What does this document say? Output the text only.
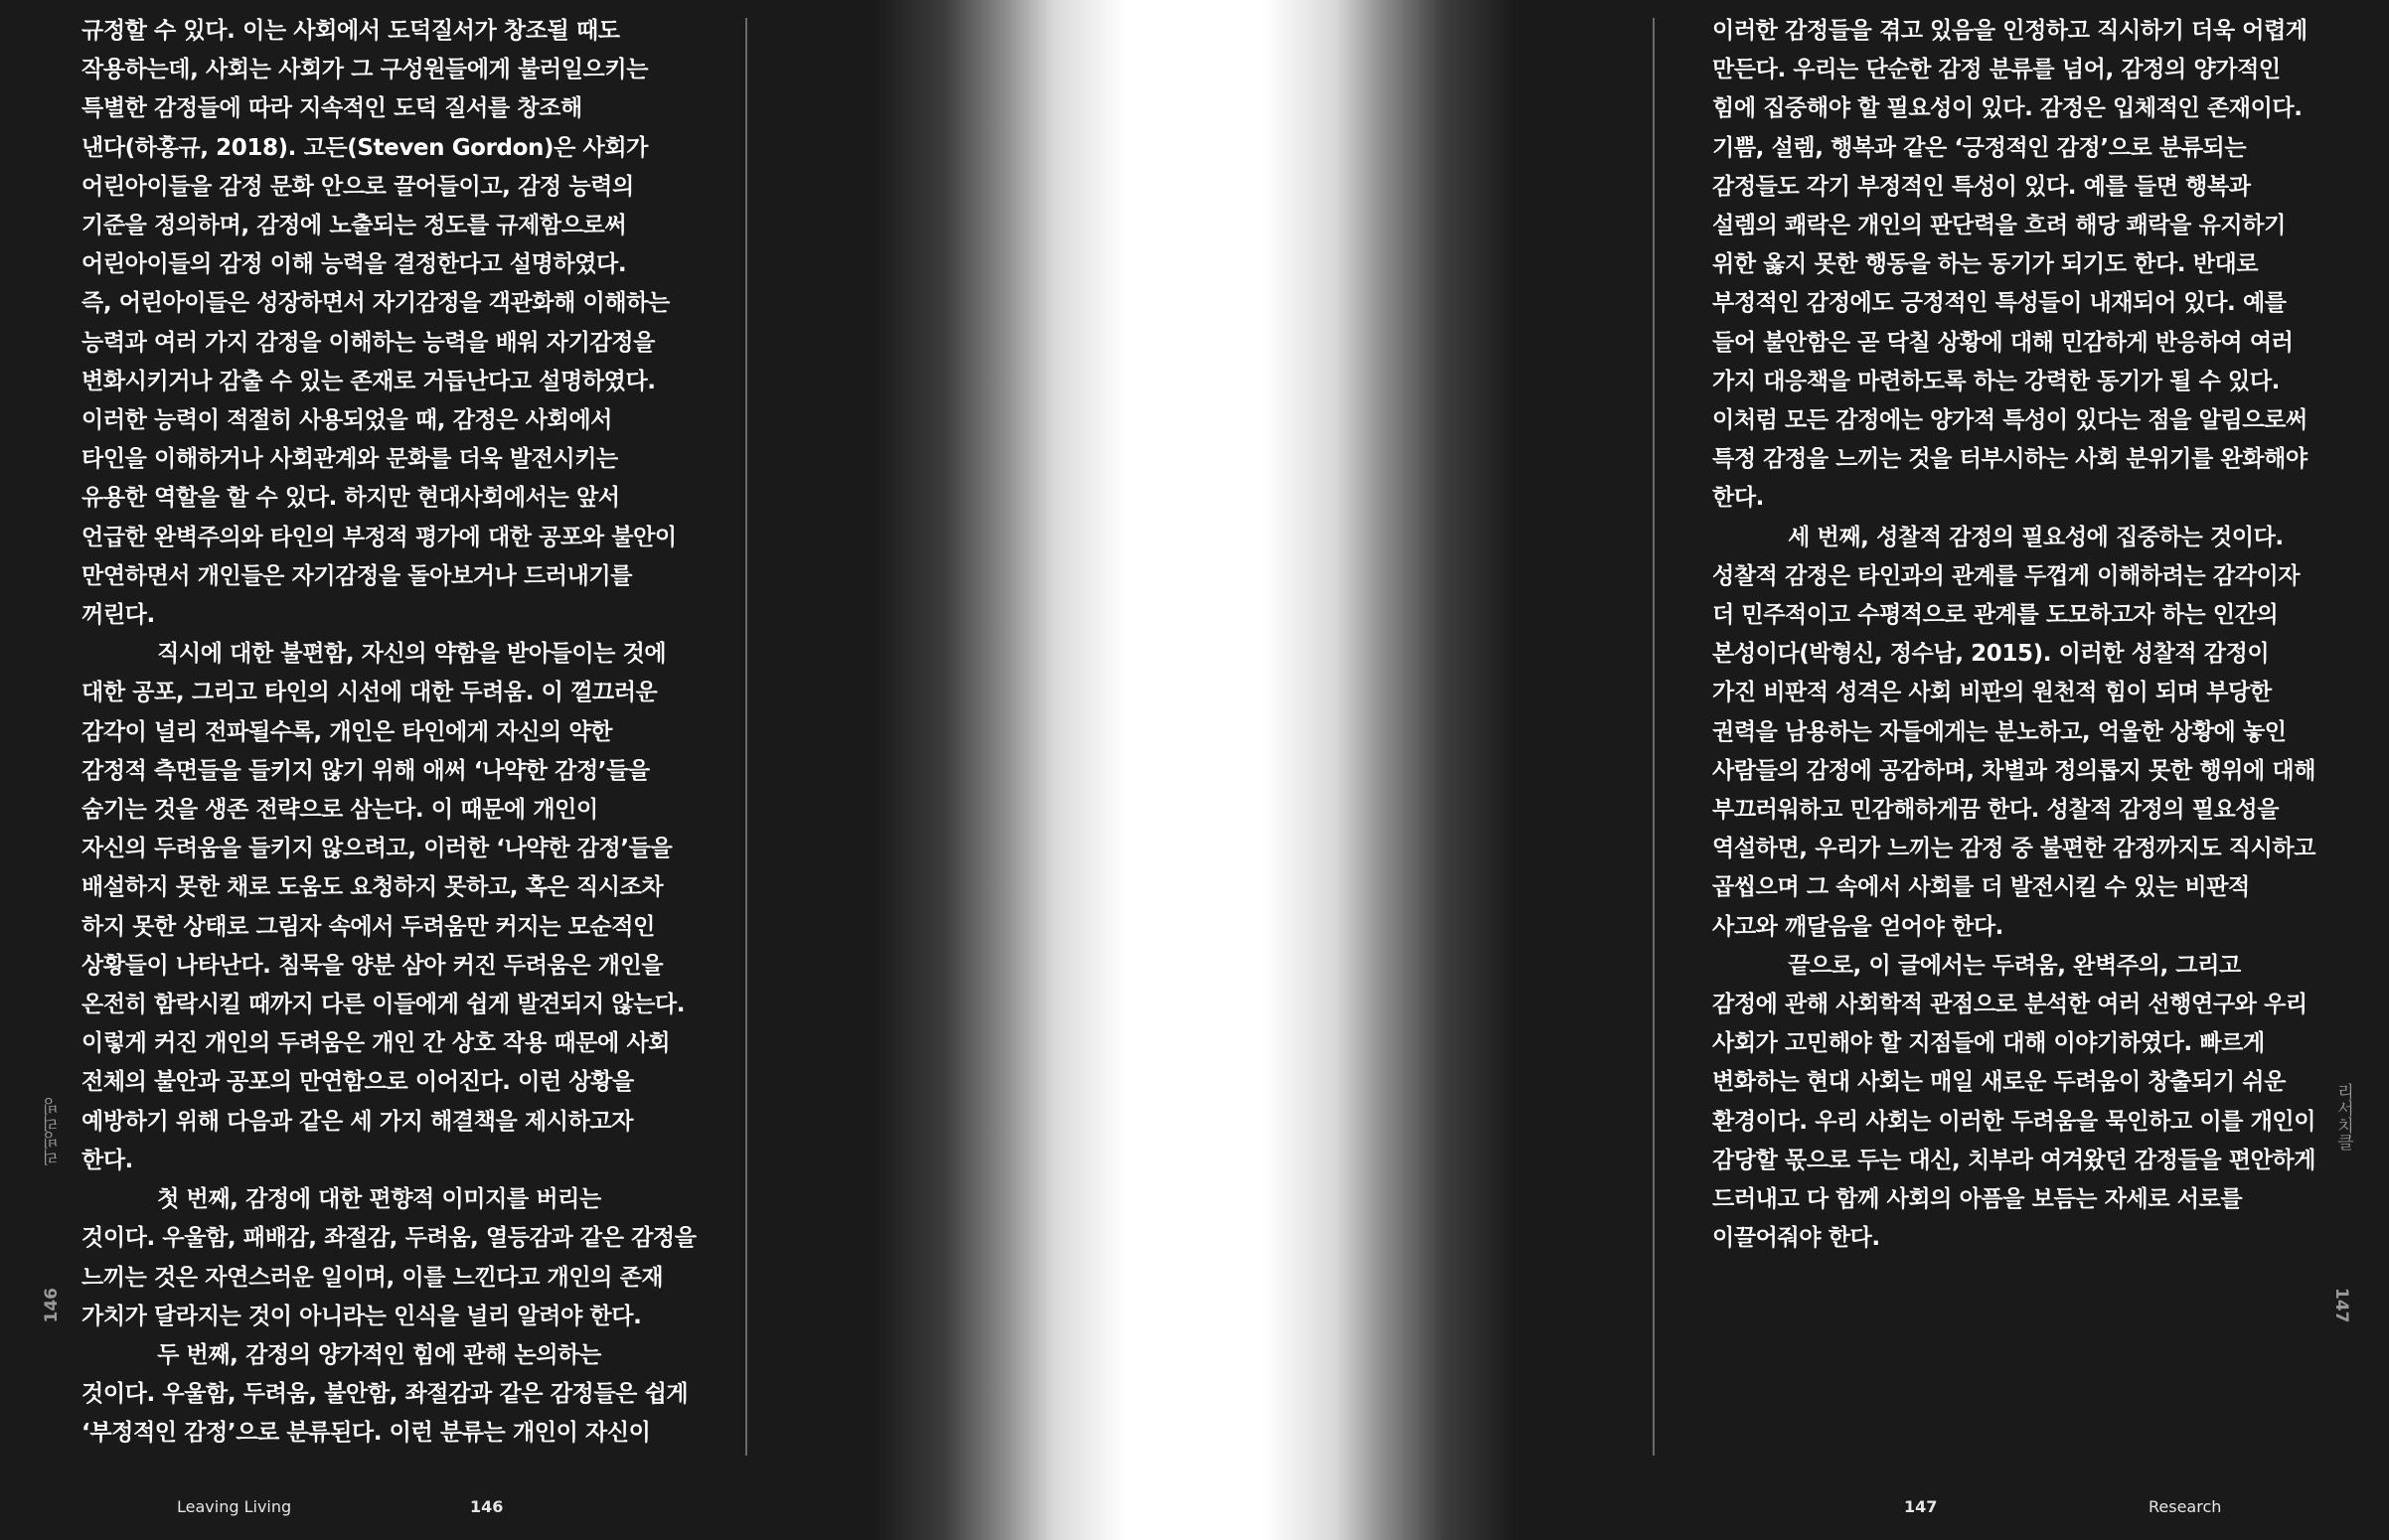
규정할 수 있다. 이는 사회에서 도덕질서가 창조될 때도
작용하는데, 사회는 사회가 그 구성원들에게 불러일으키는
특별한 감정들에 따라 지속적인 도덕 질서를 창조해
낸다(하홍규, 2018). 고든(Steven Gordon)은 사회가
어린아이들을 감정 문화 안으로 끌어들이고, 감정 능력의
기준을 정의하며, 감정에 노출되는 정도를 규제함으로써
어린아이들의 감정 이해 능력을 결정한다고 설명하였다.
즉, 어린아이들은 성장하면서 자기감정을 객관화해 이해하는
능력과 여러 가지 감정을 이해하는 능력을 배워 자기감정을
변화시키거나 감출 수 있는 존재로 거듭난다고 설명하였다.
이러한 능력이 적절히 사용되었을 때, 감정은 사회에서
타인을 이해하거나 사회관계와 문화를 더욱 발전시키는
유용한 역할을 할 수 있다. 하지만 현대사회에서는 앞서
언급한 완벽주의와 타인의 부정적 평가에 대한 공포와 불안이
만연하면서 개인들은 자기감정을 돌아보거나 드러내기를
꺼린다.
직시에 대한 불편함, 자신의 약함을 받아들이는 것에
대한 공포, 그리고 타인의 시선에 대한 두려움. 이 껄끄러운
감각이 널리 전파될수록, 개인은 타인에게 자신의 약한
감정적 측면들을 들키지 않기 위해 애써 ‘나약한 감정’들을
숨기는 것을 생존 전략으로 삼는다. 이 때문에 개인이
자신의 두려움을 들키지 않으려고, 이러한 ‘나약한 감정’들을
배설하지 못한 채로 도움도 요청하지 못하고, 혹은 직시조차
하지 못한 상태로 그림자 속에서 두려움만 커지는 모순적인
상황들이 나타난다. 침묵을 양분 삼아 커진 두려움은 개인을
온전히 함락시킬 때까지 다른 이들에게 쉽게 발견되지 않는다.
이렇게 커진 개인의 두려움은 개인 간 상호 작용 때문에 사회
전체의 불안과 공포의 만연함으로 이어진다. 이런 상황을
예방하기 위해 다음과 같은 세 가지 해결책을 제시하고자
한다.
첫 번째, 감정에 대한 편향적 이미지를 버리는
것이다. 우울함, 패배감, 좌절감, 두려움, 열등감과 같은 감정을
느끼는 것은 자연스러운 일이며, 이를 느낀다고 개인의 존재
가치가 달라지는 것이 아니라는 인식을 널리 알려야 한다.
두 번째, 감정의 양가적인 힘에 관해 논의하는
것이다. 우울함, 두려움, 불안함, 좌절감과 같은 감정들은 쉽게
‘부정적인 감정’으로 분류된다. 이런 분류는 개인이 자신이

리빙리빙
146
Leaving Living	146

이러한 감정들을 겪고 있음을 인정하고 직시하기 더욱 어렵게
만든다. 우리는 단순한 감정 분류를 넘어, 감정의 양가적인
힘에 집중해야 할 필요성이 있다. 감정은 입체적인 존재이다.
기쁨, 설렘, 행복과 같은 ‘긍정적인 감정’으로 분류되는
감정들도 각기 부정적인 특성이 있다. 예를 들면 행복과
설렘의 쾌락은 개인의 판단력을 흐려 해당 쾌락을 유지하기
위한 옳지 못한 행동을 하는 동기가 되기도 한다. 반대로
부정적인 감정에도 긍정적인 특성들이 내재되어 있다. 예를
들어 불안함은 곧 닥칠 상황에 대해 민감하게 반응하여 여러
가지 대응책을 마련하도록 하는 강력한 동기가 될 수 있다.
이처럼 모든 감정에는 양가적 특성이 있다는 점을 알림으로써
특정 감정을 느끼는 것을 터부시하는 사회 분위기를 완화해야
한다.
세 번째, 성찰적 감정의 필요성에 집중하는 것이다.
성찰적 감정은 타인과의 관계를 두껍게 이해하려는 감각이자
더 민주적이고 수평적으로 관계를 도모하고자 하는 인간의
본성이다(박형신, 정수남, 2015). 이러한 성찰적 감정이
가진 비판적 성격은 사회 비판의 원천적 힘이 되며 부당한
권력을 남용하는 자들에게는 분노하고, 억울한 상황에 놓인
사람들의 감정에 공감하며, 차별과 정의롭지 못한 행위에 대해
부끄러워하고 민감해하게끔 한다. 성찰적 감정의 필요성을
역설하면, 우리가 느끼는 감정 중 불편한 감정까지도 직시하고
곱씹으며 그 속에서 사회를 더 발전시킬 수 있는 비판적
사고와 깨달음을 얻어야 한다.
끝으로, 이 글에서는 두려움, 완벽주의, 그리고
감정에 관해 사회학적 관점으로 분석한 여러 선행연구와 우리
사회가 고민해야 할 지점들에 대해 이야기하였다. 빠르게
변화하는 현대 사회는 매일 새로운 두려움이 창출되기 쉬운
환경이다. 우리 사회는 이러한 두려움을 묵인하고 이를 개인이
감당할 몫으로 두는 대신, 치부라 여겨왔던 감정들을 편안하게
드러내고 다 함께 사회의 아픔을 보듬는 자세로 서로를
이끌어줘야 한다.

리서치클
147
147	Research
